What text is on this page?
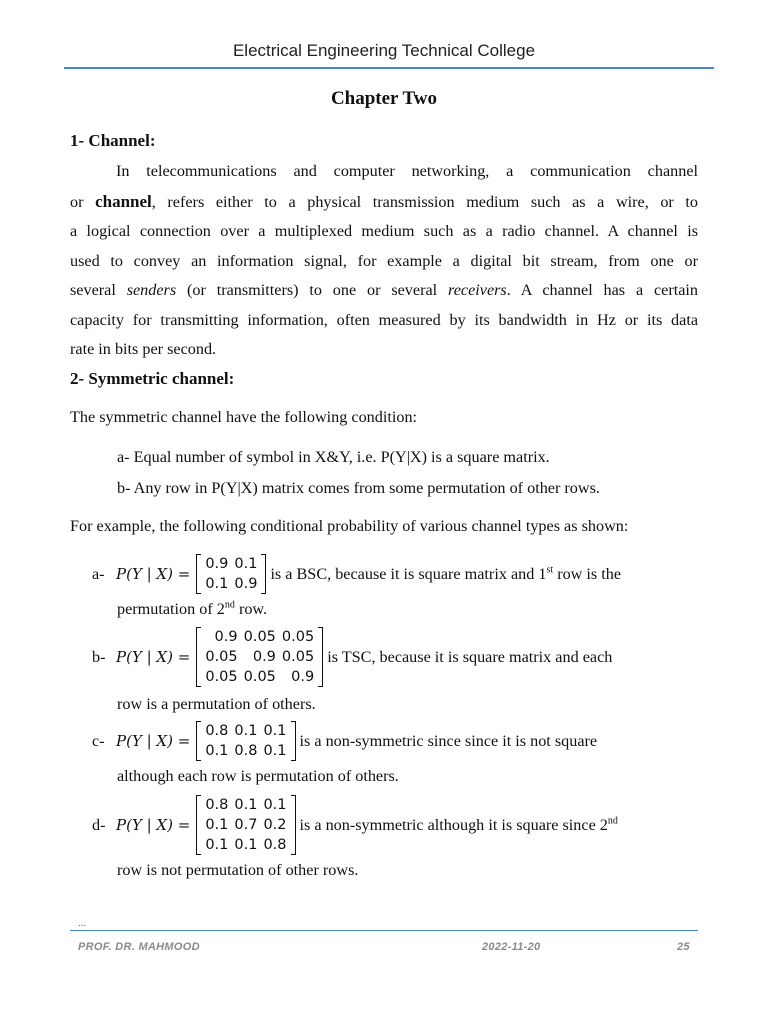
Electrical Engineering Technical College
Chapter Two
1- Channel:
In telecommunications and computer networking, a communication channel
or channel, refers either to a physical transmission medium such as a wire, or to
a logical connection over a multiplexed medium such as a radio channel. A channel is
used to convey an information signal, for example a digital bit stream, from one or
several senders (or transmitters) to one or several receivers. A channel has a certain
capacity for transmitting information, often measured by its bandwidth in Hz or its data
rate in bits per second.
2- Symmetric channel:
The symmetric channel have the following condition:
a- Equal number of symbol in X&Y, i.e. P(Y|X) is a square matrix.
b- Any row in P(Y|X) matrix comes from some permutation of other rows.
For example, the following conditional probability of various channel types as shown:
a- P(Y | X) =
0.9 0.1
0.1 0.9
is a BSC, because it is square matrix and 1st row is the
permutation of 2nd row.
b- P(Y | X) =
0.9 0.05 0.05
0.05	0.9 0.05
0.05 0.05	0.9
is TSC, because it is square matrix and each
row is a permutation of others.
c- P(Y | X) =
0.8 0.1 0.1
0.1 0.8 0.1
is a non-symmetric since since it is not square
although each row is permutation of others.
d- P(Y | X) =
0.8 0.1 0.1
0.1 0.7 0.2
0.1 0.1 0.8
is a non-symmetric although it is square since 2nd
row is not permutation of other rows.
...
PROF. DR. MAHMOOD	2022-11-20	25
